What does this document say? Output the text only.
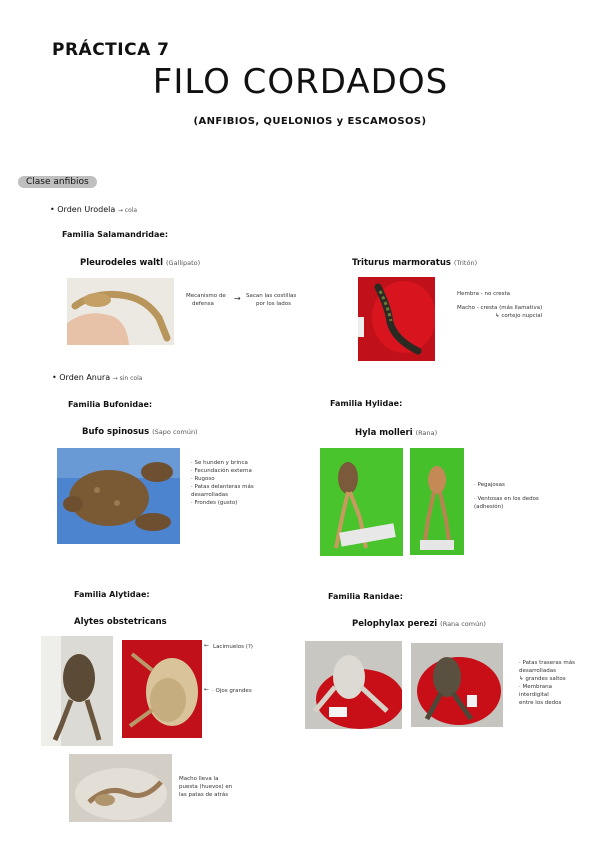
PRÁCTICA 7
FILO CORDADOS
(ANFIBIOS, QUELONIOS y ESCAMOSOS)
Clase anfibios
• Orden Urodela → cola
Familia Salamandridae:
Pleurodeles waltl (Gallipato)
Mecanismo de
defensa
→ Sacan las costillas
por los lados
Triturus marmoratus (Tritón)
Hembra - no cresta
Macho - cresta (más llamativa)
↳ cortejo nupcial
• Orden Anura → sin cola
Familia Bufonidae:
Bufo spinosus (Sapo común)
· Se hunden y brinca
· Fecundación externa
· Rugoso
· Patas delanteras más
desarrolladas
· Frondes (gusto)
Familia Hylidae:
Hyla molleri (Rana)
· Pegajosas
· Ventosas en los dedos
(adhesión)
Familia Alytidae:
Alytes obstetricans
← Lacimuelos (?)
← · Ojos grandes
Macho lleva la
puesta (huevos) en
las patas de atrás
Familia Ranidae:
Pelophylax perezi (Rana común)
· Patas traseras más
desarrolladas
↳ grandes saltos
· Membrana
interdigital
entre los dedos
